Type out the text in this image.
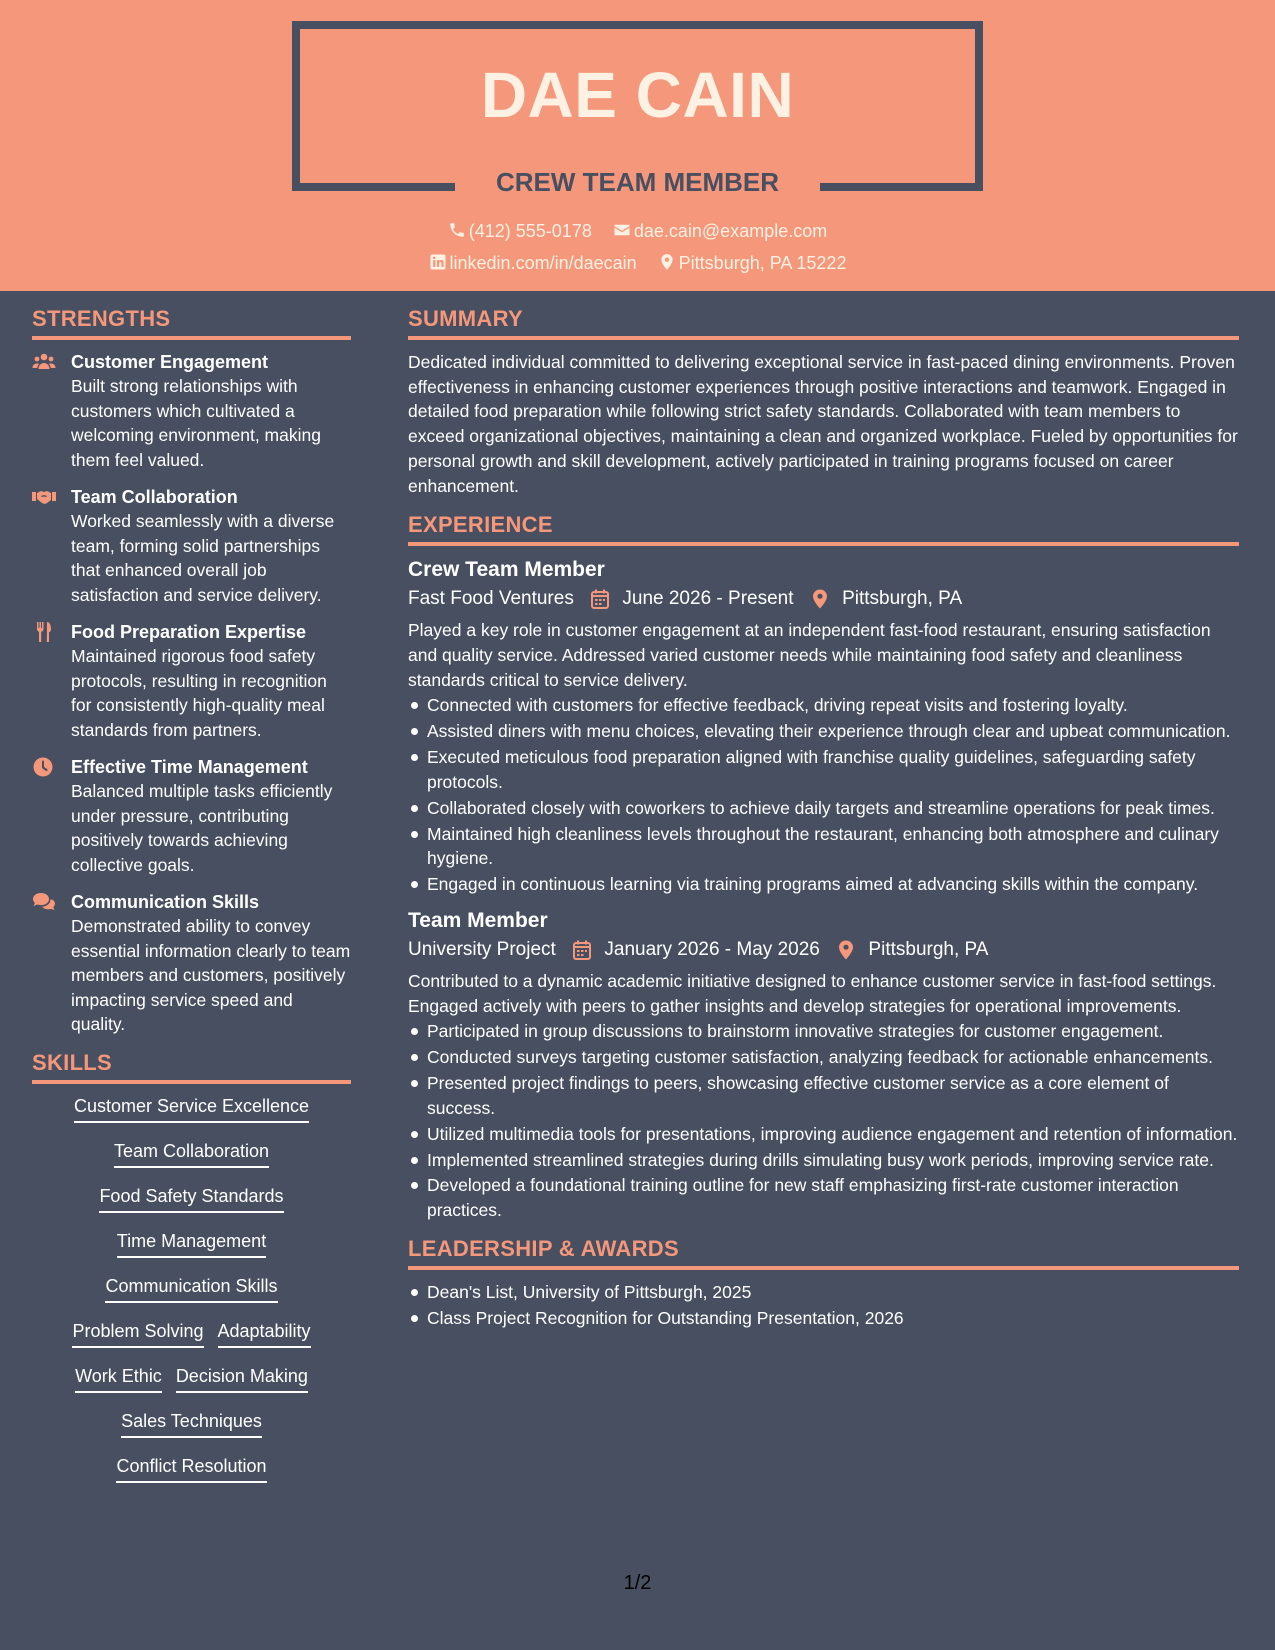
DAE CAIN
CREW TEAM MEMBER
(412) 555-0178 dae.cain@example.com
linkedin.com/in/daecain Pittsburgh, PA 15222
STRENGTHS
Customer Engagement
Built strong relationships with customers which cultivated a welcoming environment, making them feel valued.
Team Collaboration
Worked seamlessly with a diverse team, forming solid partnerships that enhanced overall job satisfaction and service delivery.
Food Preparation Expertise
Maintained rigorous food safety protocols, resulting in recognition for consistently high-quality meal standards from partners.
Effective Time Management
Balanced multiple tasks efficiently under pressure, contributing positively towards achieving collective goals.
Communication Skills
Demonstrated ability to convey essential information clearly to team members and customers, positively impacting service speed and quality.
SKILLS
Customer Service Excellence
Team Collaboration
Food Safety Standards
Time Management
Communication Skills
Problem Solving Adaptability
Work Ethic Decision Making
Sales Techniques
Conflict Resolution
SUMMARY
Dedicated individual committed to delivering exceptional service in fast-paced dining environments. Proven effectiveness in enhancing customer experiences through positive interactions and teamwork. Engaged in detailed food preparation while following strict safety standards. Collaborated with team members to exceed organizational objectives, maintaining a clean and organized workplace. Fueled by opportunities for personal growth and skill development, actively participated in training programs focused on career enhancement.
EXPERIENCE
Crew Team Member
Fast Food Ventures	June 2026 - Present	Pittsburgh, PA
Played a key role in customer engagement at an independent fast-food restaurant, ensuring satisfaction and quality service. Addressed varied customer needs while maintaining food safety and cleanliness standards critical to service delivery.
Connected with customers for effective feedback, driving repeat visits and fostering loyalty.
Assisted diners with menu choices, elevating their experience through clear and upbeat communication.
Executed meticulous food preparation aligned with franchise quality guidelines, safeguarding safety protocols.
Collaborated closely with coworkers to achieve daily targets and streamline operations for peak times.
Maintained high cleanliness levels throughout the restaurant, enhancing both atmosphere and culinary hygiene.
Engaged in continuous learning via training programs aimed at advancing skills within the company.
Team Member
University Project	January 2026 - May 2026	Pittsburgh, PA
Contributed to a dynamic academic initiative designed to enhance customer service in fast-food settings. Engaged actively with peers to gather insights and develop strategies for operational improvements.
Participated in group discussions to brainstorm innovative strategies for customer engagement.
Conducted surveys targeting customer satisfaction, analyzing feedback for actionable enhancements.
Presented project findings to peers, showcasing effective customer service as a core element of success.
Utilized multimedia tools for presentations, improving audience engagement and retention of information.
Implemented streamlined strategies during drills simulating busy work periods, improving service rate.
Developed a foundational training outline for new staff emphasizing first-rate customer interaction practices.
LEADERSHIP & AWARDS
Dean's List, University of Pittsburgh, 2025
Class Project Recognition for Outstanding Presentation, 2026
1/2
